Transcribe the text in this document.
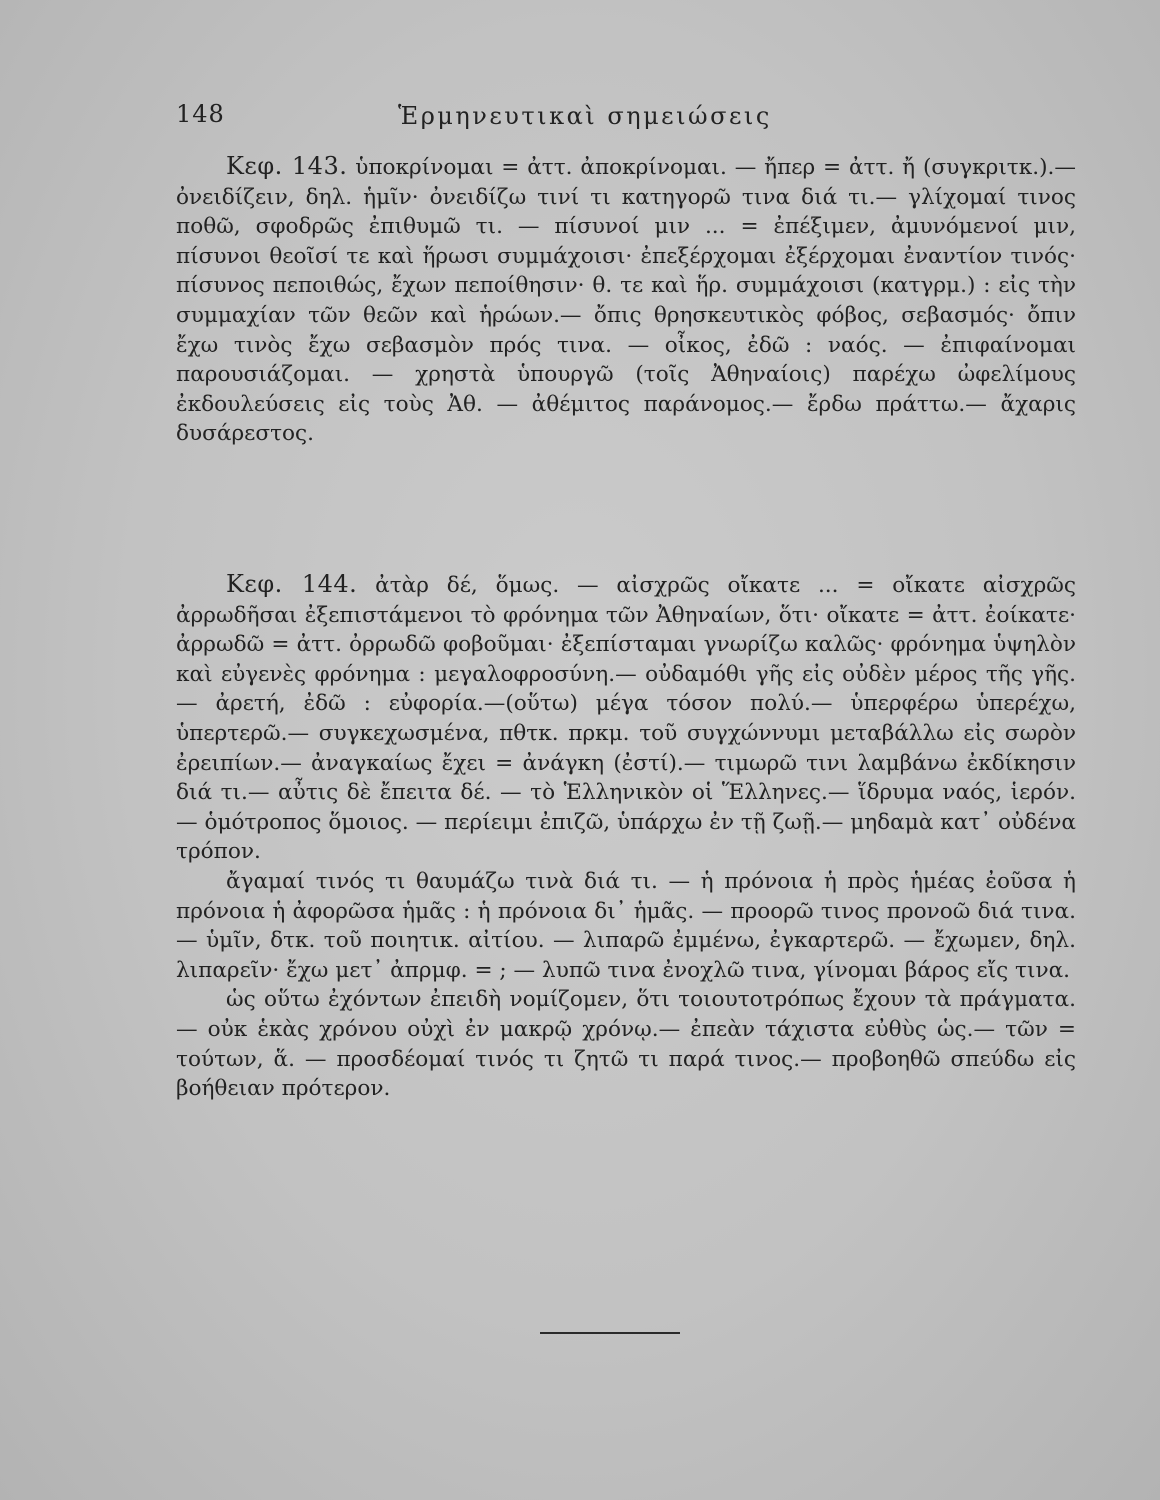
148	Ἑρμηνευτικαὶ σημειώσεις

Κεφ. 143. ὑποκρίνομαι = ἀττ. ἀποκρίνομαι. — ἤπερ = ἀττ. ἤ (συγκριτκ.).— ὀνειδίζειν, δηλ. ἡμῖν· ὀνειδίζω τινί τι κατηγορῶ τινα διά τι.— γλίχομαί τινος ποθῶ, σφοδρῶς ἐπιθυμῶ τι. — πίσυνοί μιν ... = ἐπέξιμεν, ἀμυνόμενοί μιν, πίσυνοι θεοῖσί τε καὶ ἥρωσι συμμάχοισι· ἐπεξέρχομαι ἐξέρχομαι ἐναντίον τινός· πίσυνος πεποιθώς, ἔχων πεποίθησιν· θ. τε καὶ ἥρ. συμμάχοισι (κατγρμ.) : εἰς τὴν συμμαχίαν τῶν θεῶν καὶ ἡρώων.— ὄπις θρησκευτικὸς φόβος, σεβασμός· ὄπιν ἔχω τινὸς ἔχω σεβασμὸν πρός τινα. — οἶκος, ἐδῶ : ναός. — ἐπιφαίνομαι παρουσιάζομαι. — χρηστὰ ὑπουργῶ (τοῖς Ἀθηναίοις) παρέχω ὠφελίμους ἐκδουλεύσεις εἰς τοὺς Ἀθ. — ἀθέμιτος παράνομος.— ἔρδω πράττω.— ἄχαρις δυσάρεστος.

Κεφ. 144. ἀτὰρ δέ, ὅμως. — αἰσχρῶς οἴκατε ... = οἴκατε αἰσχρῶς ἀρρωδῆσαι ἐξεπιστάμενοι τὸ φρόνημα τῶν Ἀθηναίων, ὅτι· οἴκατε = ἀττ. ἐοίκατε· ἀρρωδῶ = ἀττ. ὀρρωδῶ φοβοῦμαι· ἐξεπίσταμαι γνωρίζω καλῶς· φρόνημα ὑψηλὸν καὶ εὐγενὲς φρόνημα : μεγαλοφροσύνη.— οὐδαμόθι γῆς εἰς οὐδὲν μέρος τῆς γῆς. — ἀρετή, ἐδῶ : εὐφορία.—(οὕτω) μέγα τόσον πολύ.— ὑπερφέρω ὑπερέχω, ὑπερτερῶ.— συγκεχωσμένα, πθτκ. πρκμ. τοῦ συγχώννυμι μεταβάλλω εἰς σωρὸν ἐρειπίων.— ἀναγκαίως ἔχει = ἀνάγκη (ἐστί).— τιμωρῶ τινι λαμβάνω ἐκδίκησιν διά τι.— αὖτις δὲ ἔπειτα δέ. — τὸ Ἑλληνικὸν οἱ Ἕλληνες.— ἵδρυμα ναός, ἱερόν. — ὁμότροπος ὅμοιος. — περίειμι ἐπιζῶ, ὑπάρχω ἐν τῇ ζωῇ.— μηδαμὰ κατ᾽ οὐδένα τρόπον.

ἄγαμαί τινός τι θαυμάζω τινὰ διά τι. — ἡ πρόνοια ἡ πρὸς ἡμέας ἐοῦσα ἡ πρόνοια ἡ ἀφορῶσα ἡμᾶς : ἡ πρόνοια δι᾽ ἡμᾶς. — προορῶ τινος προνοῶ διά τινα.— ὑμῖν, δτκ. τοῦ ποιητικ. αἰτίου. — λιπαρῶ ἐμμένω, ἐγκαρτερῶ. — ἔχωμεν, δηλ. λιπαρεῖν· ἔχω μετ᾽ ἀπρμφ. = ; — λυπῶ τινα ἐνοχλῶ τινα, γίνομαι βάρος εἴς τινα.

ὡς οὕτω ἐχόντων ἐπειδὴ νομίζομεν, ὅτι τοιουτοτρόπως ἔχουν τὰ πράγματα.— οὐκ ἑκὰς χρόνου οὐχὶ ἐν μακρῷ χρόνῳ.— ἐπεὰν τάχιστα εὐθὺς ὡς.— τῶν = τούτων, ἅ. — προσδέομαί τινός τι ζητῶ τι παρά τινος.— προβοηθῶ σπεύδω εἰς βοήθειαν πρότερον.
